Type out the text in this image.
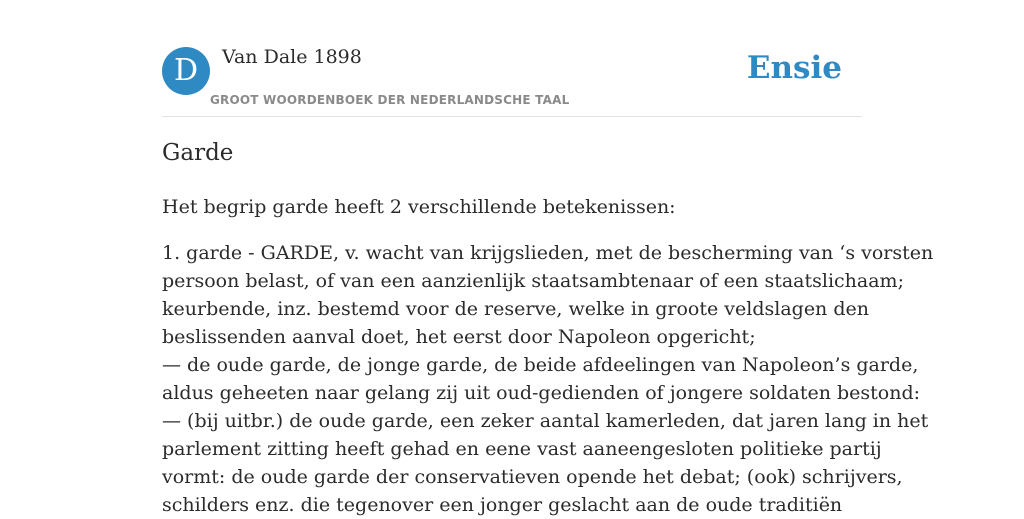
D	Van Dale 1898
GROOT WOORDENBOEK DER NEDERLANDSCHE TAAL
Ensie
Garde

Het begrip garde heeft 2 verschillende betekenissen:

1. garde - GARDE, v. wacht van krijgslieden, met de bescherming van ‘s vorsten
persoon belast, of van een aanzienlijk staatsambtenaar of een staatslichaam;
keurbende, inz. bestemd voor de reserve, welke in groote veldslagen den
beslissenden aanval doet, het eerst door Napoleon opgericht;
— de oude garde, de jonge garde, de beide afdeelingen van Napoleon’s garde,
aldus geheeten naar gelang zij uit oud-gedienden of jongere soldaten bestond:
— (bij uitbr.) de oude garde, een zeker aantal kamerleden, dat jaren lang in het
parlement zitting heeft gehad en eene vast aaneengesloten politieke partij
vormt: de oude garde der conservatieven opende het debat; (ook) schrijvers,
schilders enz. die tegenover een jonger geslacht aan de oude traditiën
